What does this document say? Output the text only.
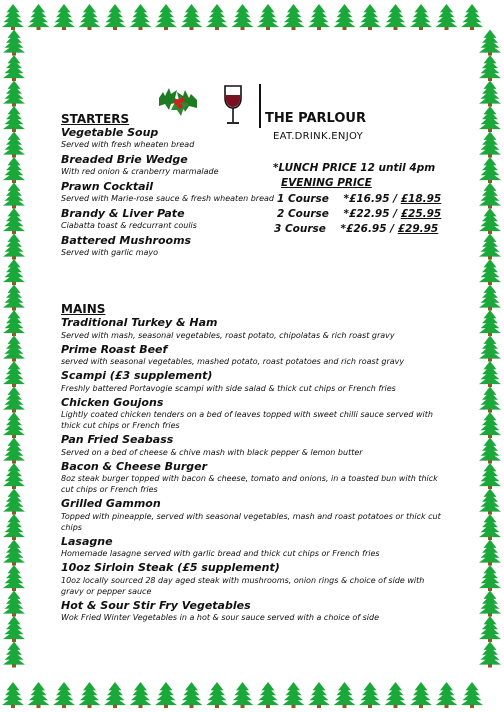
THE PARLOUR
EAT.DRINK.ENJOY
*LUNCH PRICE 12 until 4pm
EVENING PRICE
1 Course *£16.95 / £18.95
2 Course *£22.95 / £25.95
3 Course *£26.95 / £29.95

STARTERS

Vegetable Soup

Served with fresh wheaten bread

Breaded Brie Wedge

With red onion & cranberry marmalade

Prawn Cocktail

Served with Marie-rose sauce & fresh wheaten bread

Brandy & Liver Pate

Ciabatta toast & redcurrant coulis

Battered Mushrooms

Served with garlic mayo

MAINS

Traditional Turkey & Ham

Served with mash, seasonal vegetables, roast potato, chipolatas & rich roast gravy

Prime Roast Beef

served with seasonal vegetables, mashed potato, roast potatoes and rich roast gravy

Scampi (£3 supplement)

Freshly battered Portavogie scampi with side salad & thick cut chips or French fries

Chicken Goujons

Lightly coated chicken tenders on a bed of leaves topped with sweet chilli sauce served with thick cut chips or French fries

Pan Fried Seabass

Served on a bed of cheese & chive mash with black pepper & lemon butter

Bacon & Cheese Burger

8oz steak burger topped with bacon & cheese, tomato and onions, in a toasted bun with thick cut chips or French fries

Grilled Gammon

Topped with pineapple, served with seasonal vegetables, mash and roast potatoes or thick cut chips

Lasagne

Homemade lasagne served with garlic bread and thick cut chips or French fries

10oz Sirloin Steak (£5 supplement)

10oz locally sourced 28 day aged steak with mushrooms, onion rings & choice of side with gravy or pepper sauce

Hot & Sour Stir Fry Vegetables

Wok Fried Winter Vegetables in a hot & sour sauce served with a choice of side
